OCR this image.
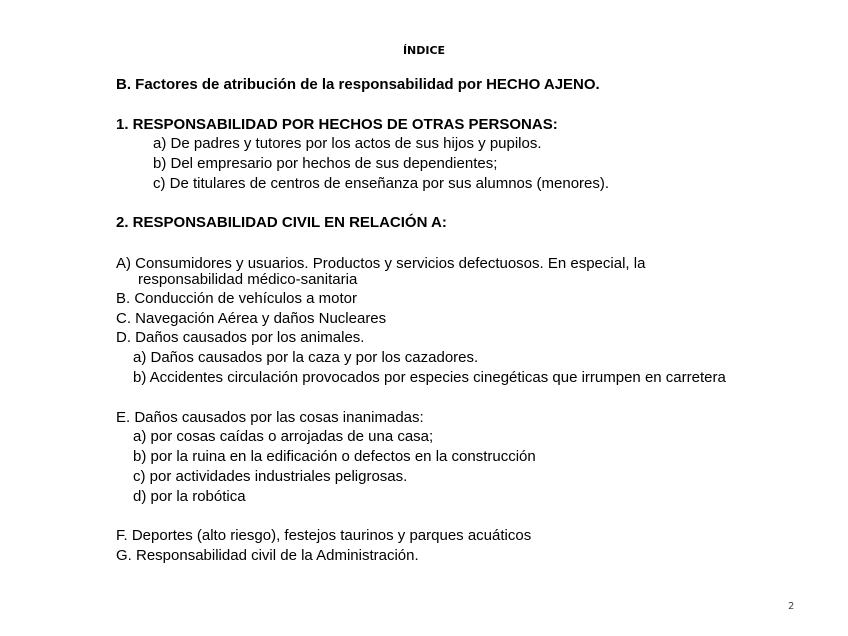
ÍNDICE
B. Factores de atribución de la responsabilidad por HECHO AJENO.
1. RESPONSABILIDAD POR HECHOS DE OTRAS PERSONAS:
a) De padres y tutores por los actos de sus hijos y pupilos.
b) Del empresario por hechos de sus dependientes;
c) De titulares de centros de enseñanza por sus alumnos (menores).
2. RESPONSABILIDAD CIVIL EN RELACIÓN A:
A) Consumidores y usuarios. Productos y servicios defectuosos. En especial, la
responsabilidad médico-sanitaria
B. Conducción de vehículos a motor
C. Navegación Aérea y daños Nucleares
D. Daños causados por los animales.
a) Daños causados por la caza y por los cazadores.
b) Accidentes circulación provocados por especies cinegéticas que irrumpen en carretera
E. Daños causados por las cosas inanimadas:
a) por cosas caídas o arrojadas de una casa;
b) por la ruina en la edificación o defectos en la construcción
c) por actividades industriales peligrosas.
d) por la robótica
F. Deportes (alto riesgo), festejos taurinos y parques acuáticos
G. Responsabilidad civil de la Administración.
2
